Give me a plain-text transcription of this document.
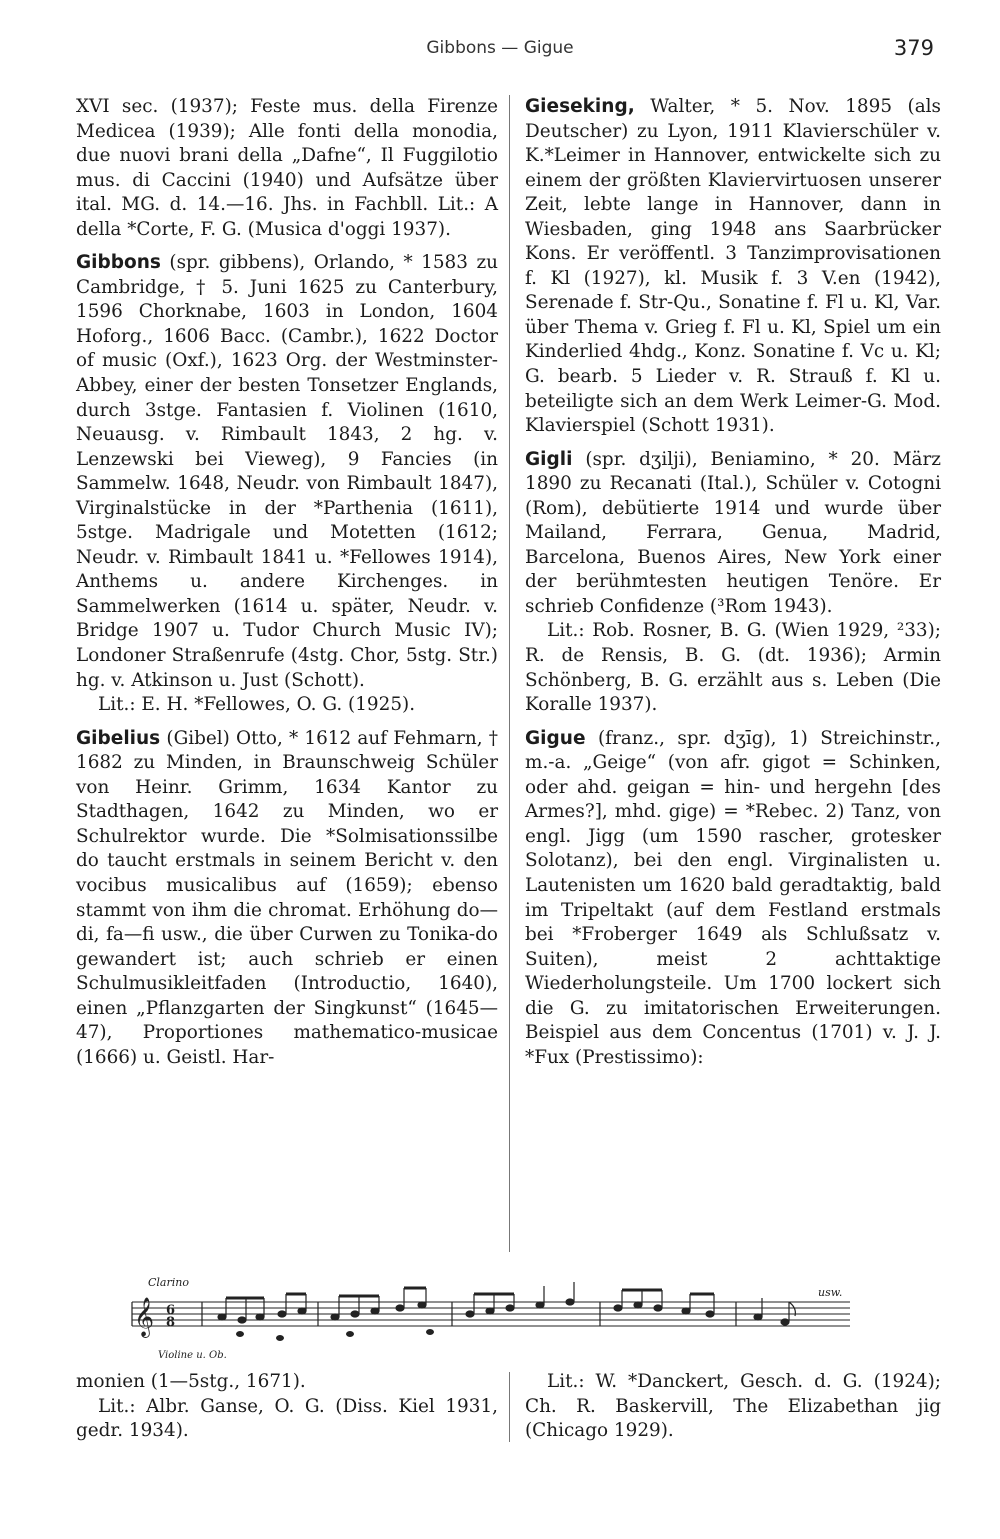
Gibbons — Gigue	379

XVI sec. (1937); Feste mus. della Firenze Medicea (1939); Alle fonti della monodia, due nuovi brani della „Dafne“, Il Fuggilotio mus. di Caccini (1940) und Aufsätze über ital. MG. d. 14.—16. Jhs. in Fachbll. Lit.: A della *Corte, F. G. (Musica d'oggi 1937).

Gibbons (spr. gibbens), Orlando, * 1583 zu Cambridge, † 5. Juni 1625 zu Canterbury, 1596 Chorknabe, 1603 in London, 1604 Hoforg., 1606 Bacc. (Cambr.), 1622 Doctor of music (Oxf.), 1623 Org. der Westminster-Abbey, einer der besten Tonsetzer Englands, durch 3stge. Fantasien f. Violinen (1610, Neuausg. v. Rimbault 1843, 2 hg. v. Lenzewski bei Vieweg), 9 Fancies (in Sammelw. 1648, Neudr. von Rimbault 1847), Virginalstücke in der *Parthenia (1611), 5stge. Madrigale und Motetten (1612; Neudr. v. Rimbault 1841 u. *Fellowes 1914), Anthems u. andere Kirchenges. in Sammelwerken (1614 u. später, Neudr. v. Bridge 1907 u. Tudor Church Music IV); Londoner Straßenrufe (4stg. Chor, 5stg. Str.) hg. v. Atkinson u. Just (Schott).

Lit.: E. H. *Fellowes, O. G. (1925).

Gibelius (Gibel) Otto, * 1612 auf Fehmarn, † 1682 zu Minden, in Braunschweig Schüler von Heinr. Grimm, 1634 Kantor zu Stadthagen, 1642 zu Minden, wo er Schulrektor wurde. Die *Solmisationssilbe do taucht erstmals in seinem Bericht v. den vocibus musicalibus auf (1659); ebenso stammt von ihm die chromat. Erhöhung do—di, fa—fi usw., die über Curwen zu Tonika-do gewandert ist; auch schrieb er einen Schulmusikleitfaden (Introductio, 1640), einen „Pflanzgarten der Singkunst“ (1645—47), Proportiones mathematico-musicae (1666) u. Geistl. Har-

Gieseking, Walter, * 5. Nov. 1895 (als Deutscher) zu Lyon, 1911 Klavierschüler v. K.*Leimer in Hannover, entwickelte sich zu einem der größten Klaviervirtuosen unserer Zeit, lebte lange in Hannover, dann in Wiesbaden, ging 1948 ans Saarbrücker Kons. Er veröffentl. 3 Tanzimprovisationen f. Kl (1927), kl. Musik f. 3 V.en (1942), Serenade f. Str-Qu., Sonatine f. Fl u. Kl, Var. über Thema v. Grieg f. Fl u. Kl, Spiel um ein Kinderlied 4hdg., Konz. Sonatine f. Vc u. Kl; G. bearb. 5 Lieder v. R. Strauß f. Kl u. beteiligte sich an dem Werk Leimer-G. Mod. Klavierspiel (Schott 1931).

Gigli (spr. dʒilji), Beniamino, * 20. März 1890 zu Recanati (Ital.), Schüler v. Cotogni (Rom), debütierte 1914 und wurde über Mailand, Ferrara, Genua, Madrid, Barcelona, Buenos Aires, New York einer der berühmtesten heutigen Tenöre. Er schrieb Confidenze (³Rom 1943).

Lit.: Rob. Rosner, B. G. (Wien 1929, ²33); R. de Rensis, B. G. (dt. 1936); Armin Schönberg, B. G. erzählt aus s. Leben (Die Koralle 1937).

Gigue (franz., spr. dʒīg), 1) Streichinstr., m.-a. „Geige“ (von afr. gigot = Schinken, oder ahd. geigan = hin- und hergehn [des Armes?], mhd. gige) = *Rebec. 2) Tanz, von engl. Jigg (um 1590 rascher, grotesker Solotanz), bei den engl. Virginalisten u. Lautenisten um 1620 bald geradtaktig, bald im Tripeltakt (auf dem Festland erstmals bei *Froberger 1649 als Schlußsatz v. Suiten), meist 2 achttaktige Wiederholungsteile. Um 1700 lockert sich die G. zu imitatorischen Erweiterungen. Beispiel aus dem Concentus (1701) v. J. J. *Fux (Prestissimo):

Clarino
Violine u. Ob.
usw.
𝄞 6
8

monien (1—5stg., 1671).

Lit.: Albr. Ganse, O. G. (Diss. Kiel 1931, gedr. 1934).

Lit.: W. *Danckert, Gesch. d. G. (1924); Ch. R. Baskervill, The Elizabethan jig (Chicago 1929).
